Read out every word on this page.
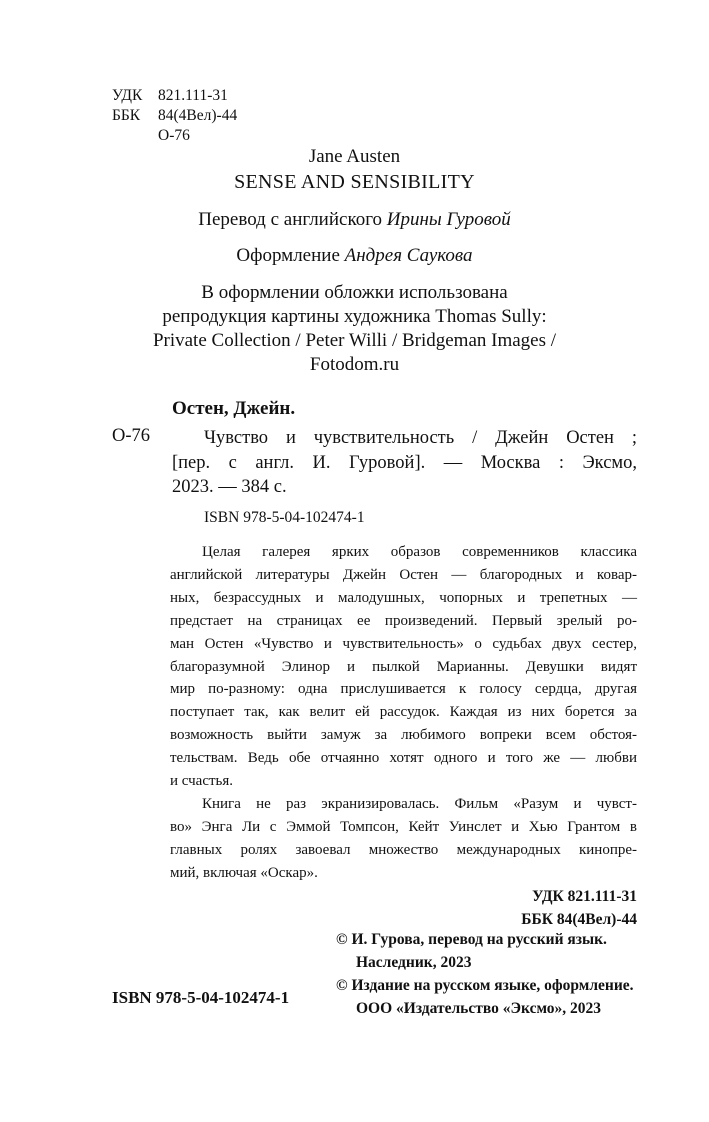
УДК 821.111-31
ББК 84(4Вел)-44
О-76
Jane Austen
SENSE AND SENSIBILITY
Перевод с английского Ирины Гуровой
Оформление Андрея Саукова
В оформлении обложки использована
репродукция картины художника Thomas Sully:
Private Collection / Peter Willi / Bridgeman Images /
Fotodom.ru
Остен, Джейн.
О-76	Чувство и чувствительность / Джейн Остен ;
[пер. с англ. И. Гуровой]. — Москва : Эксмо,
2023. — 384 с.
ISBN 978-5-04-102474-1
Целая галерея ярких образов современников классика
английской литературы Джейн Остен — благородных и ковар-
ных, безрассудных и малодушных, чопорных и трепетных —
предстает на страницах ее произведений. Первый зрелый ро-
ман Остен «Чувство и чувствительность» о судьбах двух сестер,
благоразумной Элинор и пылкой Марианны. Девушки видят
мир по-разному: одна прислушивается к голосу сердца, другая
поступает так, как велит ей рассудок. Каждая из них борется за
возможность выйти замуж за любимого вопреки всем обстоя-
тельствам. Ведь обе отчаянно хотят одного и того же — любви
и счастья.
Книга не раз экранизировалась. Фильм «Разум и чувст-
во» Энга Ли с Эммой Томпсон, Кейт Уинслет и Хью Грантом в
главных ролях завоевал множество международных кинопре-
мий, включая «Оскар».
УДК 821.111-31
ББК 84(4Вел)-44
ISBN 978-5-04-102474-1
© И. Гурова, перевод на русский язык.
Наследник, 2023
© Издание на русском языке, оформление.
ООО «Издательство «Эксмо», 2023
